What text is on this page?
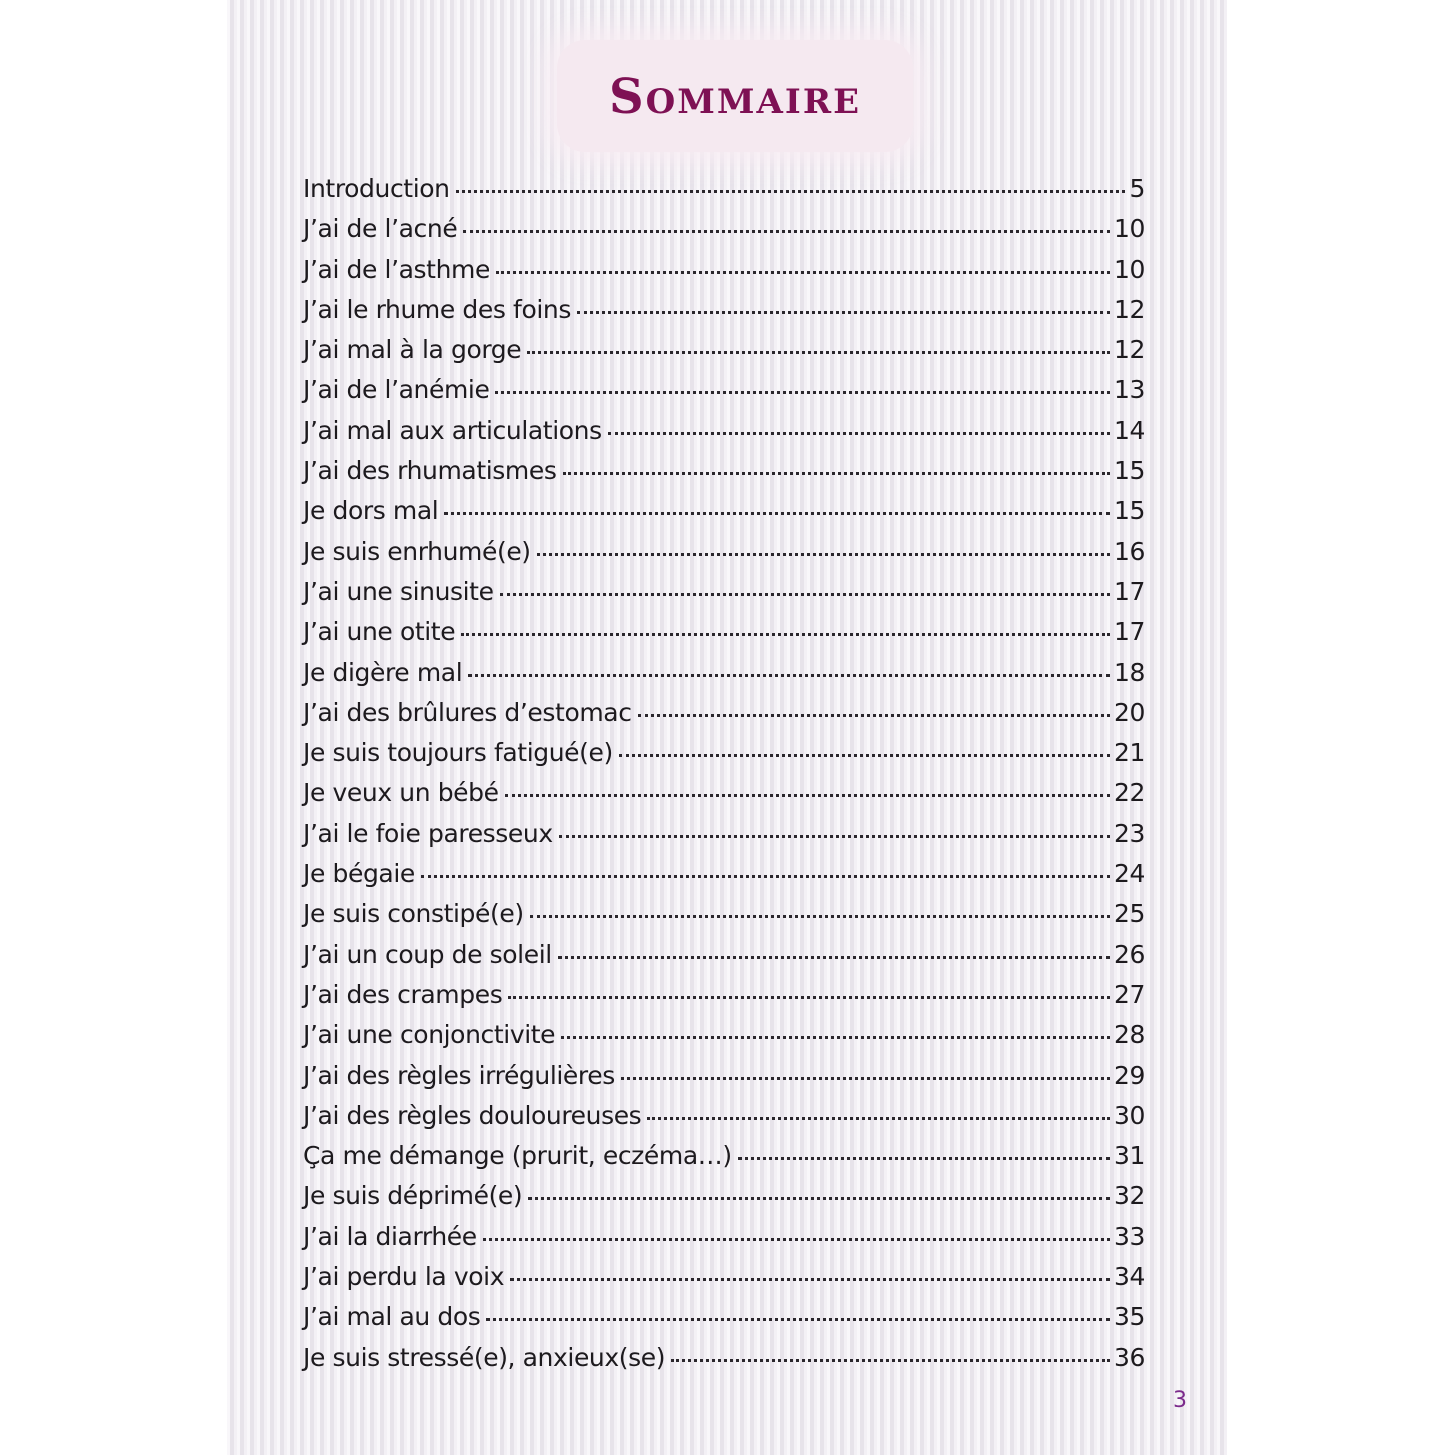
Sommaire
Introduction	5
J’ai de l’acné	10
J’ai de l’asthme	10
J’ai le rhume des foins	12
J’ai mal à la gorge	12
J’ai de l’anémie	13
J’ai mal aux articulations	14
J’ai des rhumatismes	15
Je dors mal	15
Je suis enrhumé(e)	16
J’ai une sinusite	17
J’ai une otite	17
Je digère mal	18
J’ai des brûlures d’estomac	20
Je suis toujours fatigué(e)	21
Je veux un bébé	22
J’ai le foie paresseux	23
Je bégaie	24
Je suis constipé(e)	25
J’ai un coup de soleil	26
J’ai des crampes	27
J’ai une conjonctivite	28
J’ai des règles irrégulières	29
J’ai des règles douloureuses	30
Ça me démange (prurit, eczéma…)	31
Je suis déprimé(e)	32
J’ai la diarrhée	33
J’ai perdu la voix	34
J’ai mal au dos	35
Je suis stressé(e), anxieux(se)	36
3
